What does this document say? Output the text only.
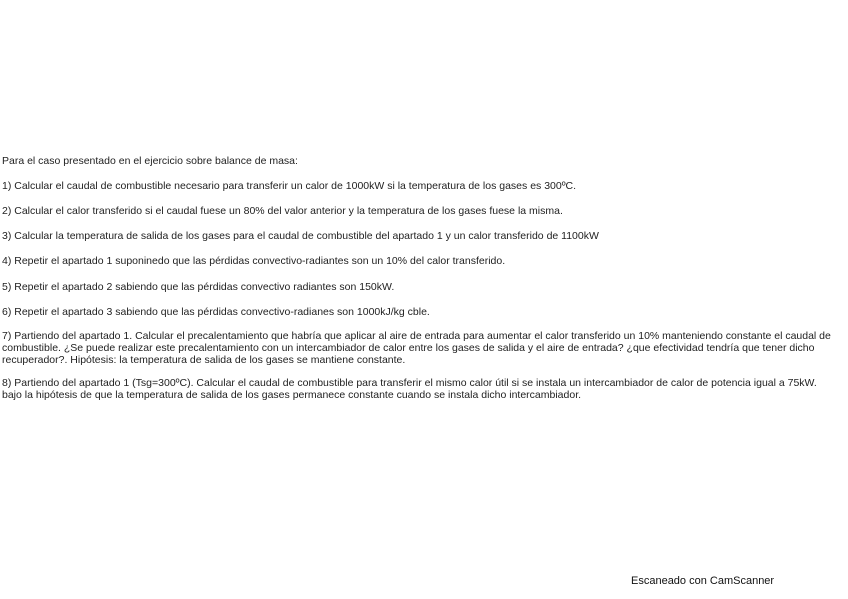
Para el caso presentado en el ejercicio sobre balance de masa:

1) Calcular el caudal de combustible necesario para transferir un calor de 1000kW si la temperatura de los gases es 300ºC.

2) Calcular el calor transferido si el caudal fuese un 80% del valor anterior y la temperatura de los gases fuese la misma.

3) Calcular la temperatura de salida de los gases para el caudal de combustible del apartado 1 y un calor transferido de 1100kW

4) Repetir el apartado 1 suponinedo que las pérdidas convectivo-radiantes son un 10% del calor transferido.

5) Repetir el apartado 2 sabiendo que las pérdidas convectivo radiantes son 150kW.

6) Repetir el apartado 3 sabiendo que las pérdidas convectivo-radianes son 1000kJ/kg cble.

7) Partiendo del apartado 1. Calcular el precalentamiento que habría que aplicar al aire de entrada para aumentar el calor transferido un 10% manteniendo constante el caudal de combustible. ¿Se puede realizar este precalentamiento con un intercambiador de calor entre los gases de salida y el aire de entrada? ¿que efectividad tendría que tener dicho recuperador?. Hipótesis: la temperatura de salida de los gases se mantiene constante.

8) Partiendo del apartado 1 (Tsg=300ºC). Calcular el caudal de combustible para transferir el mismo calor útil si se instala un intercambiador de calor de potencia igual a 75kW. bajo la hipótesis de que la temperatura de salida de los gases permanece constante cuando se instala dicho intercambiador.

Escaneado con CamScanner
